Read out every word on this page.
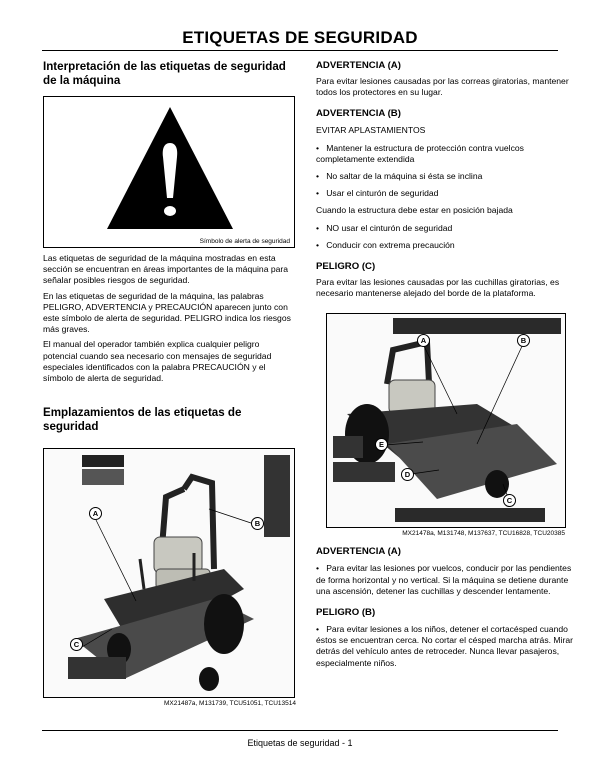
ETIQUETAS DE SEGURIDAD
Interpretación de las etiquetas de seguridad de la máquina
Símbolo de alerta de seguridad
Las etiquetas de seguridad de la máquina mostradas en esta sección se encuentran en áreas importantes de la máquina para señalar posibles riesgos de seguridad.
En las etiquetas de seguridad de la máquina, las palabras PELIGRO, ADVERTENCIA y PRECAUCIÓN aparecen junto con este símbolo de alerta de seguridad. PELIGRO indica los riesgos más graves.
El manual del operador también explica cualquier peligro potencial cuando sea necesario con mensajes de seguridad especiales identificados con la palabra PRECAUCIÓN y el símbolo de alerta de seguridad.
Emplazamientos de las etiquetas de seguridad
A
B
C
MX21487a, M131739, TCU51051, TCU13514
ADVERTENCIA (A)
Para evitar lesiones causadas por las correas giratorias, mantener todos los protectores en su lugar.
ADVERTENCIA (B)
EVITAR APLASTAMIENTOS
• Mantener la estructura de protección contra vuelcos completamente extendida
• No saltar de la máquina si ésta se inclina
• Usar el cinturón de seguridad
Cuando la estructura debe estar en posición bajada
• NO usar el cinturón de seguridad
• Conducir con extrema precaución
PELIGRO (C)
Para evitar las lesiones causadas por las cuchillas giratorias, es necesario mantenerse alejado del borde de la plataforma.
A	B
E
D
C
MX21478a, M131748, M137637, TCU16828, TCU20385
ADVERTENCIA (A)
• Para evitar las lesiones por vuelcos, conducir por las pendientes de forma horizontal y no vertical. Si la máquina se detiene durante una ascensión, detener las cuchillas y descender lentamente.
PELIGRO (B)
• Para evitar lesiones a los niños, detener el cortacésped cuando éstos se encuentran cerca. No cortar el césped marcha atrás. Mirar detrás del vehículo antes de retroceder. Nunca llevar pasajeros, especialmente niños.
Etiquetas de seguridad - 1
